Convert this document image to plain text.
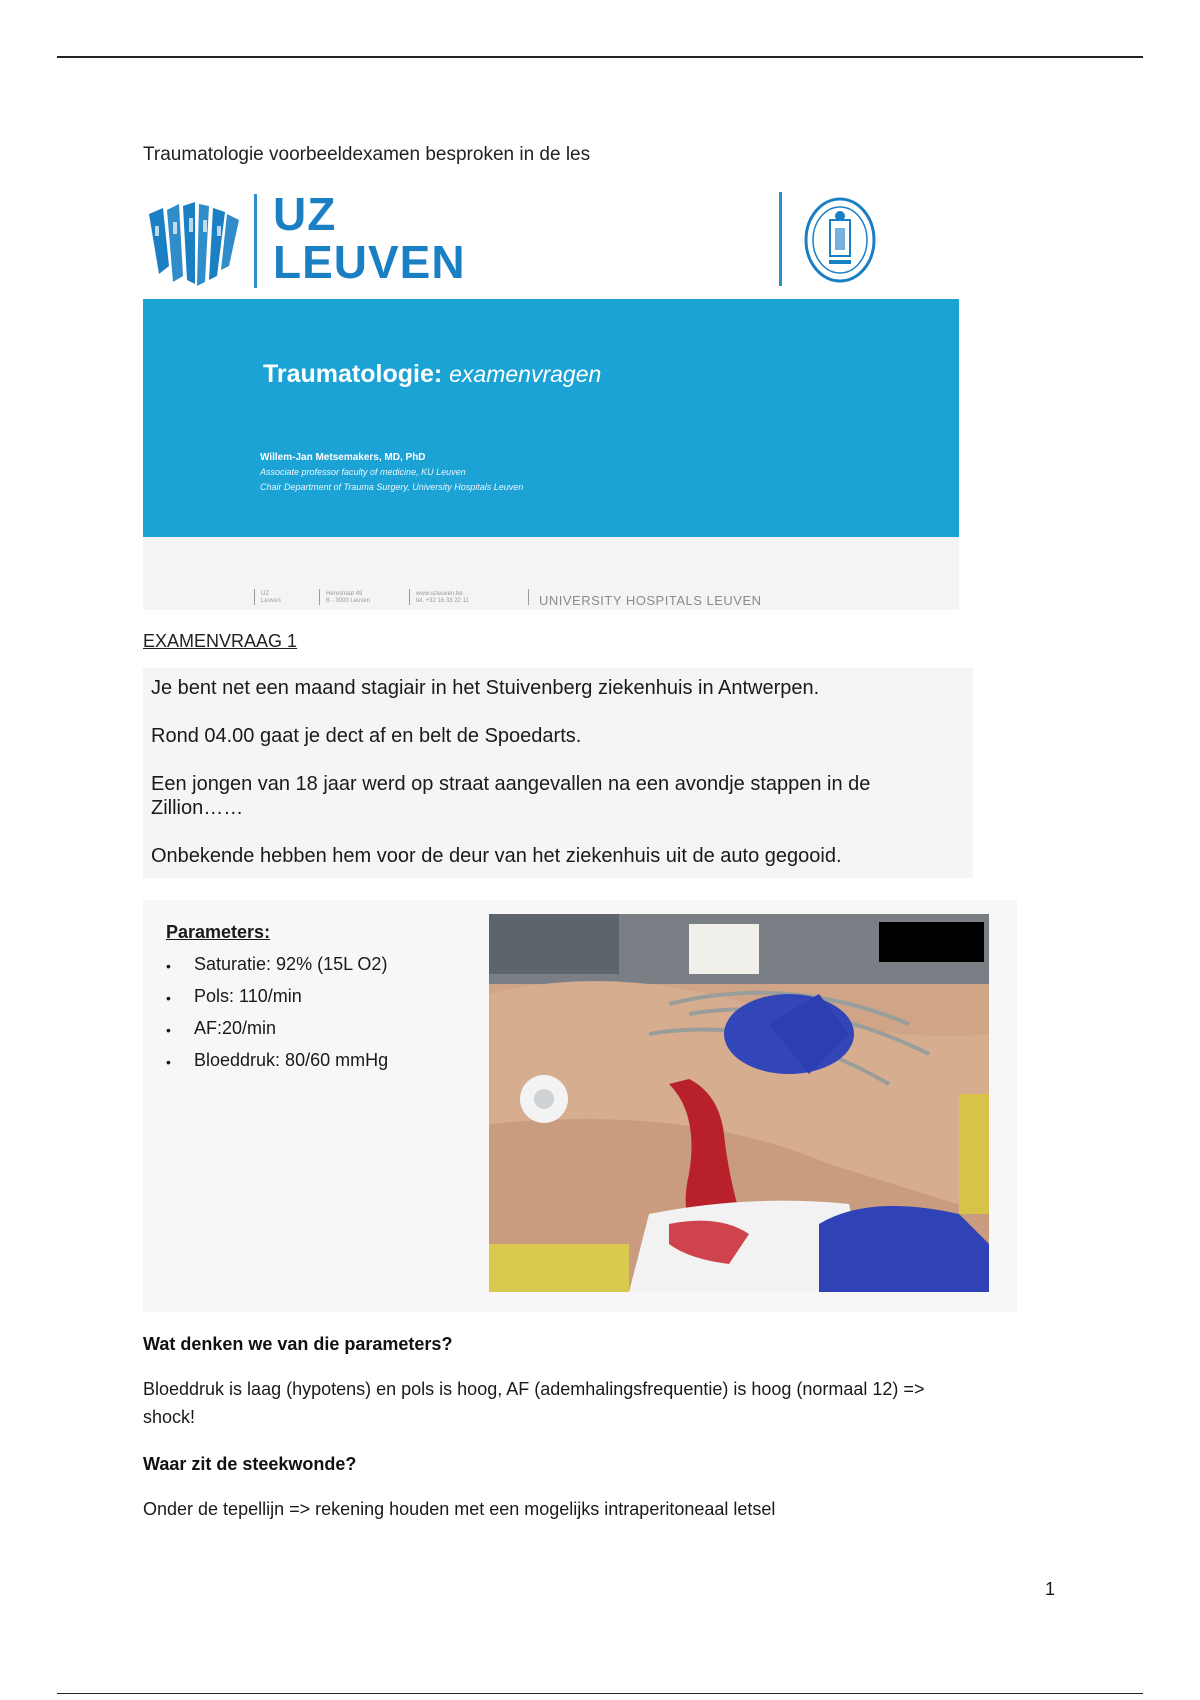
Traumatologie voorbeeldexamen besproken in de les
UZ
LEUVEN
Traumatologie: examenvragen
Willem-Jan Metsemakers, MD, PhD
Associate professor faculty of medicine, KU Leuven
Chair Department of Trauma Surgery, University Hospitals Leuven
UZ
Leuven
Herestraat 49
B - 3000 Leuven
www.uzleuven.be
tel. +32 16 33 22 11	UNIVERSITY HOSPITALS LEUVEN
EXAMENVRAAG 1
Je bent net een maand stagiair in het Stuivenberg ziekenhuis in Antwerpen.
Rond 04.00 gaat je dect af en belt de Spoedarts.
Een jongen van 18 jaar werd op straat aangevallen na een avondje stappen in de
Zillion……
Onbekende hebben hem voor de deur van het ziekenhuis uit de auto gegooid.
Parameters:
• Saturatie: 92% (15L O2)
• Pols: 110/min
• AF:20/min
• Bloeddruk: 80/60 mmHg
Wat denken we van die parameters?
Bloeddruk is laag (hypotens) en pols is hoog, AF (ademhalingsfrequentie) is hoog (normaal 12) =>
shock!
Waar zit de steekwonde?
Onder de tepellijn => rekening houden met een mogelijks intraperitoneaal letsel
1
